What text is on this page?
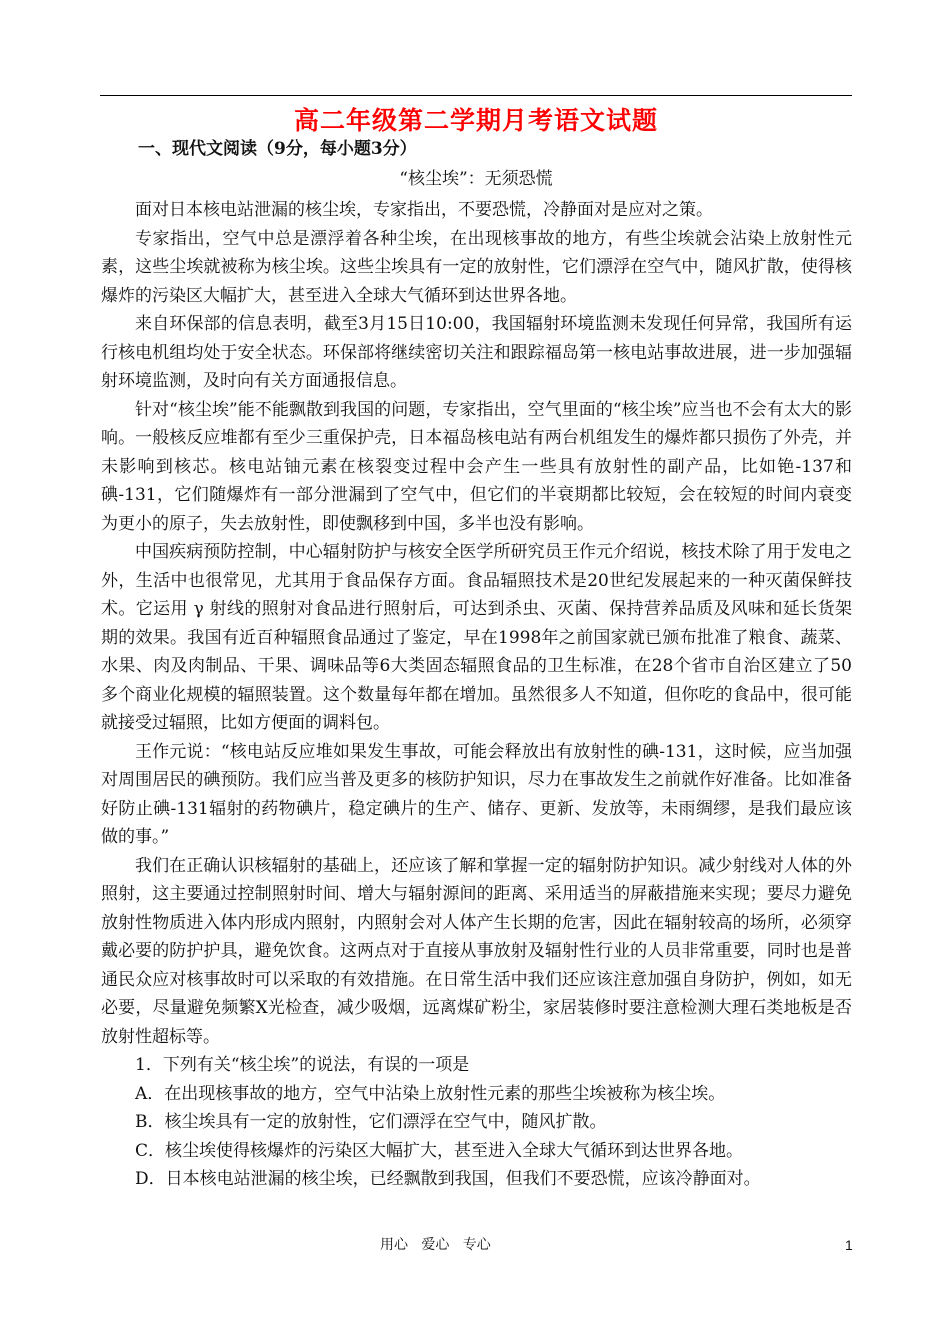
高二年级第二学期月考语文试题
一、现代文阅读（9分，每小题3分）
“核尘埃”：无须恐慌

面对日本核电站泄漏的核尘埃，专家指出，不要恐慌，冷静面对是应对之策。

专家指出，空气中总是漂浮着各种尘埃，在出现核事故的地方，有些尘埃就会沾染上放射性元素，这些尘埃就被称为核尘埃。这些尘埃具有一定的放射性，它们漂浮在空气中，随风扩散，使得核爆炸的污染区大幅扩大，甚至进入全球大气循环到达世界各地。

来自环保部的信息表明，截至3月15日10:00，我国辐射环境监测未发现任何异常，我国所有运行核电机组均处于安全状态。环保部将继续密切关注和跟踪福岛第一核电站事故进展，进一步加强辐射环境监测，及时向有关方面通报信息。

针对“核尘埃”能不能飘散到我国的问题，专家指出，空气里面的“核尘埃”应当也不会有太大的影响。一般核反应堆都有至少三重保护壳，日本福岛核电站有两台机组发生的爆炸都只损伤了外壳，并未影响到核芯。核电站铀元素在核裂变过程中会产生一些具有放射性的副产品，比如铯-137和碘-131，它们随爆炸有一部分泄漏到了空气中，但它们的半衰期都比较短，会在较短的时间内衰变为更小的原子，失去放射性，即使飘移到中国，多半也没有影响。

中国疾病预防控制，中心辐射防护与核安全医学所研究员王作元介绍说，核技术除了用于发电之外，生活中也很常见，尤其用于食品保存方面。食品辐照技术是20世纪发展起来的一种灭菌保鲜技术。它运用 γ 射线的照射对食品进行照射后，可达到杀虫、灭菌、保持营养品质及风味和延长货架期的效果。我国有近百种辐照食品通过了鉴定，早在1998年之前国家就已颁布批准了粮食、蔬菜、水果、肉及肉制品、干果、调味品等6大类固态辐照食品的卫生标准，在28个省市自治区建立了50多个商业化规模的辐照装置。这个数量每年都在增加。虽然很多人不知道，但你吃的食品中，很可能就接受过辐照，比如方便面的调料包。

王作元说：“核电站反应堆如果发生事故，可能会释放出有放射性的碘-131，这时候，应当加强对周围居民的碘预防。我们应当普及更多的核防护知识，尽力在事故发生之前就作好准备。比如准备好防止碘-131辐射的药物碘片，稳定碘片的生产、储存、更新、发放等，未雨绸缪，是我们最应该做的事。”

我们在正确认识核辐射的基础上，还应该了解和掌握一定的辐射防护知识。减少射线对人体的外照射，这主要通过控制照射时间、增大与辐射源间的距离、采用适当的屏蔽措施来实现；要尽力避免放射性物质进入体内形成内照射，内照射会对人体产生长期的危害，因此在辐射较高的场所，必须穿戴必要的防护护具，避免饮食。这两点对于直接从事放射及辐射性行业的人员非常重要，同时也是普通民众应对核事故时可以采取的有效措施。在日常生活中我们还应该注意加强自身防护，例如，如无必要，尽量避免频繁X光检查，减少吸烟，远离煤矿粉尘，家居装修时要注意检测大理石类地板是否放射性超标等。

1．下列有关“核尘埃”的说法，有误的一项是

A．在出现核事故的地方，空气中沾染上放射性元素的那些尘埃被称为核尘埃。

B．核尘埃具有一定的放射性，它们漂浮在空气中，随风扩散。

C．核尘埃使得核爆炸的污染区大幅扩大，甚至进入全球大气循环到达世界各地。

D．日本核电站泄漏的核尘埃，已经飘散到我国，但我们不要恐慌，应该冷静面对。

用心   爱心   专心	1
